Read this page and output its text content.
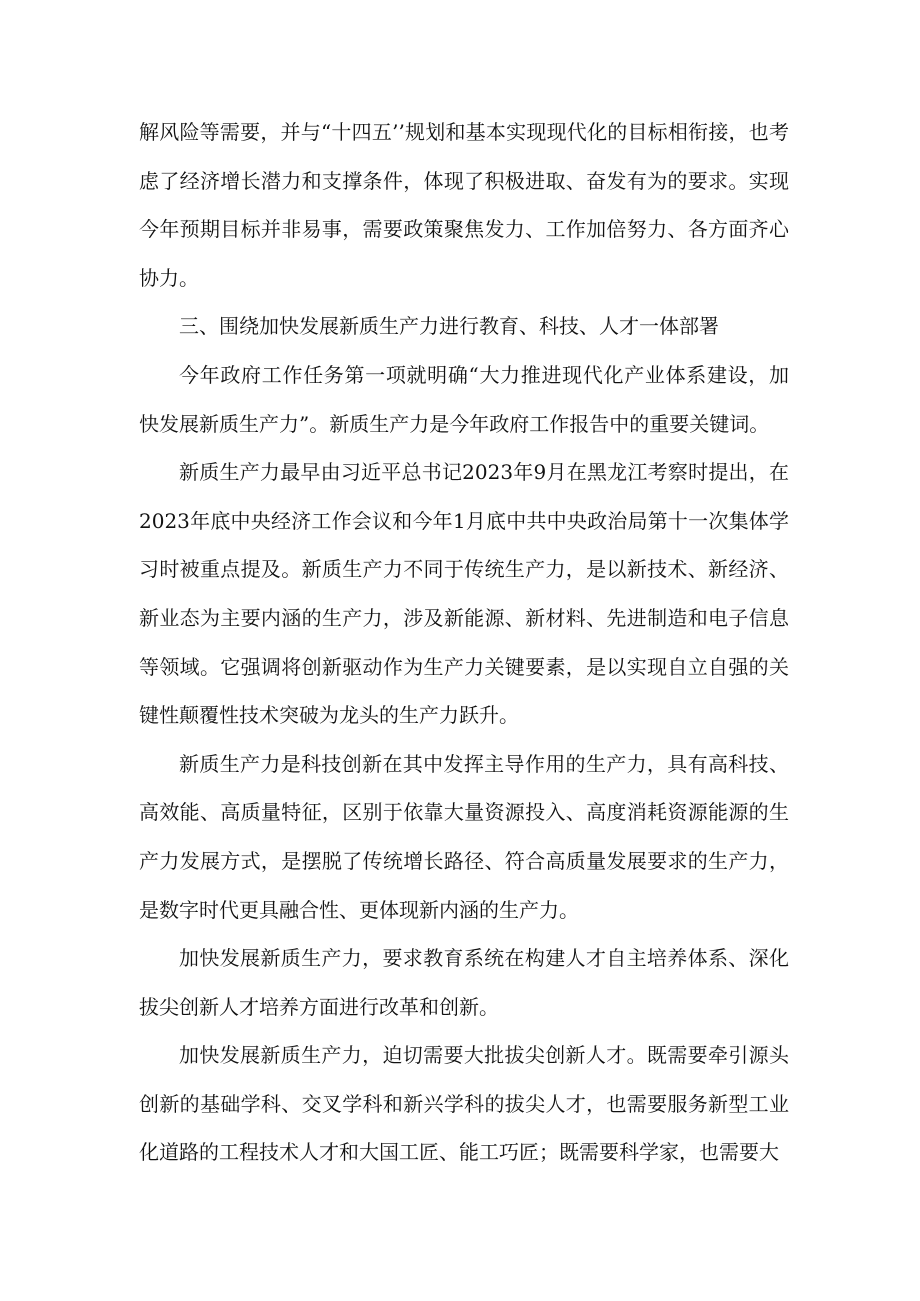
解风险等需要，并与“十四五’’规划和基本实现现代化的目标相衔接，也考虑了经济增长潜力和支撑条件，体现了积极进取、奋发有为的要求。实现今年预期目标并非易事，需要政策聚焦发力、工作加倍努力、各方面齐心协力。

三、围绕加快发展新质生产力进行教育、科技、人才一体部署

今年政府工作任务第一项就明确“大力推进现代化产业体系建设，加快发展新质生产力”。新质生产力是今年政府工作报告中的重要关键词。

新质生产力最早由习近平总书记2023年9月在黑龙江考察时提出，在2023年底中央经济工作会议和今年1月底中共中央政治局第十一次集体学习时被重点提及。新质生产力不同于传统生产力，是以新技术、新经济、新业态为主要内涵的生产力，涉及新能源、新材料、先进制造和电子信息等领域。它强调将创新驱动作为生产力关键要素，是以实现自立自强的关键性颠覆性技术突破为龙头的生产力跃升。

新质生产力是科技创新在其中发挥主导作用的生产力，具有高科技、高效能、高质量特征，区别于依靠大量资源投入、高度消耗资源能源的生产力发展方式，是摆脱了传统增长路径、符合高质量发展要求的生产力，是数字时代更具融合性、更体现新内涵的生产力。

加快发展新质生产力，要求教育系统在构建人才自主培养体系、深化拔尖创新人才培养方面进行改革和创新。

加快发展新质生产力，迫切需要大批拔尖创新人才。既需要牵引源头创新的基础学科、交叉学科和新兴学科的拔尖人才，也需要服务新型工业化道路的工程技术人才和大国工匠、能工巧匠；既需要科学家，也需要大
